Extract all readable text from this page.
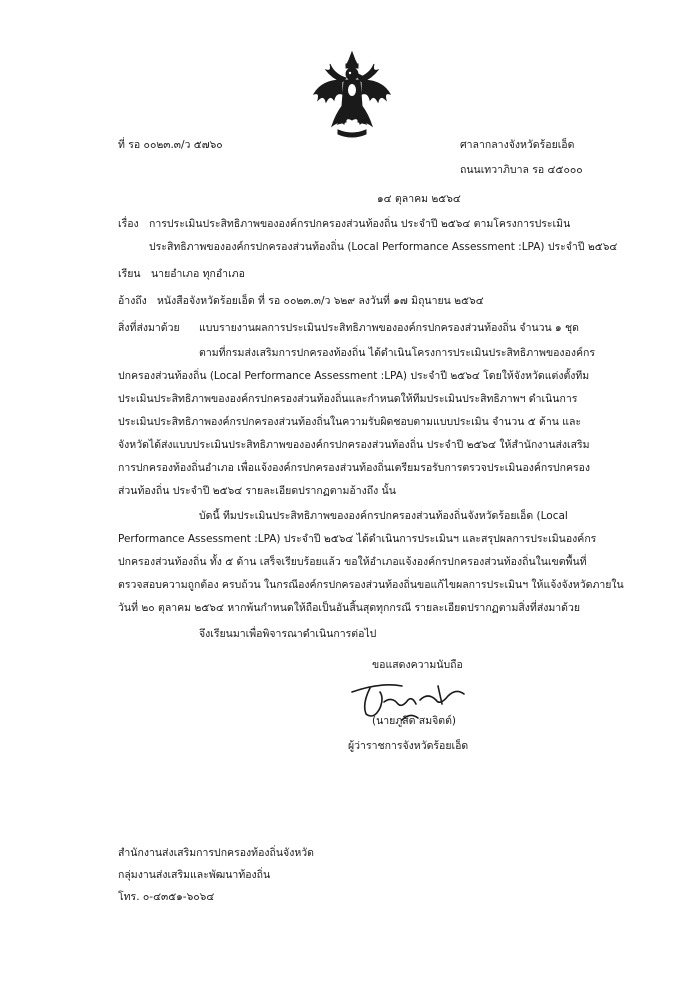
ที่ รอ ๐๐๒๓.๓/ว ๕๗๖๐	ศาลากลางจังหวัดร้อยเอ็ด
ถนนเทวาภิบาล รอ ๔๕๐๐๐
๑๔ ตุลาคม ๒๕๖๔
เรื่อง การประเมินประสิทธิภาพขององค์กรปกครองส่วนท้องถิ่น ประจำปี ๒๕๖๔ ตามโครงการประเมิน
ประสิทธิภาพขององค์กรปกครองส่วนท้องถิ่น (Local Performance Assessment :LPA) ประจำปี ๒๕๖๔
เรียน นายอำเภอ ทุกอำเภอ
อ้างถึง หนังสือจังหวัดร้อยเอ็ด ที่ รอ ๐๐๒๓.๓/ว ๖๒๙ ลงวันที่ ๑๗ มิถุนายน ๒๕๖๔
สิ่งที่ส่งมาด้วย แบบรายงานผลการประเมินประสิทธิภาพขององค์กรปกครองส่วนท้องถิ่น จำนวน ๑ ชุด
ตามที่กรมส่งเสริมการปกครองท้องถิ่น ได้ดำเนินโครงการประเมินประสิทธิภาพขององค์กร
ปกครองส่วนท้องถิ่น (Local Performance Assessment :LPA) ประจำปี ๒๕๖๔ โดยให้จังหวัดแต่งตั้งทีม
ประเมินประสิทธิภาพขององค์กรปกครองส่วนท้องถิ่นและกำหนดให้ทีมประเมินประสิทธิภาพฯ ดำเนินการ
ประเมินประสิทธิภาพองค์กรปกครองส่วนท้องถิ่นในความรับผิดชอบตามแบบประเมิน จำนวน ๕ ด้าน และ
จังหวัดได้ส่งแบบประเมินประสิทธิภาพขององค์กรปกครองส่วนท้องถิ่น ประจำปี ๒๕๖๔ ให้สำนักงานส่งเสริม
การปกครองท้องถิ่นอำเภอ เพื่อแจ้งองค์กรปกครองส่วนท้องถิ่นเตรียมรอรับการตรวจประเมินองค์กรปกครอง
ส่วนท้องถิ่น ประจำปี ๒๕๖๔ รายละเอียดปรากฏตามอ้างถึง นั้น
บัดนี้ ทีมประเมินประสิทธิภาพขององค์กรปกครองส่วนท้องถิ่นจังหวัดร้อยเอ็ด (Local
Performance Assessment :LPA) ประจำปี ๒๕๖๔ ได้ดำเนินการประเมินฯ และสรุปผลการประเมินองค์กร
ปกครองส่วนท้องถิ่น ทั้ง ๕ ด้าน เสร็จเรียบร้อยแล้ว ขอให้อำเภอแจ้งองค์กรปกครองส่วนท้องถิ่นในเขตพื้นที่
ตรวจสอบความถูกต้อง ครบถ้วน ในกรณีองค์กรปกครองส่วนท้องถิ่นขอแก้ไขผลการประเมินฯ ให้แจ้งจังหวัดภายใน
วันที่ ๒๐ ตุลาคม ๒๕๖๔ หากพ้นกำหนดให้ถือเป็นอันสิ้นสุดทุกกรณี รายละเอียดปรากฏตามสิ่งที่ส่งมาด้วย
จึงเรียนมาเพื่อพิจารณาดำเนินการต่อไป
ขอแสดงความนับถือ
(นายภูสิต สมจิตต์)
ผู้ว่าราชการจังหวัดร้อยเอ็ด
สำนักงานส่งเสริมการปกครองท้องถิ่นจังหวัด
กลุ่มงานส่งเสริมและพัฒนาท้องถิ่น
โทร. ๐-๔๓๕๑-๖๐๖๔
